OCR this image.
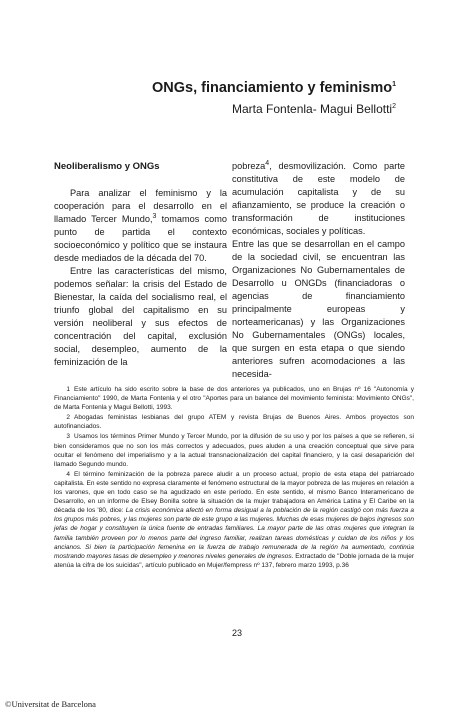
ONGs, financiamiento y feminismo$^1$
Marta Fontenla- Magui Bellotti$^2$

Neoliberalismo y ONGs

Para analizar el feminismo y la cooperación para el desarrollo en el llamado Tercer Mundo,$^3$ tomamos como punto de partida el contexto socioeconómico y político que se instaura desde mediados de la década del 70.

Entre las características del mismo, podemos señalar: la crisis del Estado de Bienestar, la caída del socialismo real, el triunfo global del capitalismo en su versión neoliberal y sus efectos de concentración del capital, exclusión social, desempleo, aumento de la feminización de la

pobreza$^4$, desmovilización. Como parte constitutiva de este modelo de acumulación capitalista y de su afianzamiento, se produce la creación o transformación de instituciones económicas, sociales y políticas.

Entre las que se desarrollan en el campo de la sociedad civil, se encuentran las Organizaciones No Gubernamentales de Desarrollo u ONGDs (financiadoras o agencias de financiamiento principalmente europeas y norteamericanas) y las Organizaciones No Gubernamentales (ONGs) locales, que surgen en esta etapa o que siendo anteriores sufren acomodaciones a las necesida-

1 Este artículo ha sido escrito sobre la base de dos anteriores ya publicados, uno en Brujas nº 16 "Autonomía y Financiamiento" 1990, de Marta Fontenla y el otro "Aportes para un balance del movimiento feminista: Movimiento ONGs", de Marta Fontenla y Magui Bellotti, 1993.

2 Abogadas feministas lesbianas del grupo ATEM y revista Brujas de Buenos Aires. Ambos proyectos son autofinanciados.

3 Usamos los términos Primer Mundo y Tercer Mundo, por la difusión de su uso y por los países a que se refieren, si bien consideramos que no son los más correctos y adecuados, pues aluden a una creación conceptual que sirve para ocultar el fenómeno del imperialismo y a la actual transnacionalización del capital financiero, y la casi desaparición del llamado Segundo mundo.

4 El término feminización de la pobreza parece aludir a un proceso actual, propio de esta etapa del patriarcado capitalista. En este sentido no expresa claramente el fenómeno estructural de la mayor pobreza de las mujeres en relación a los varones, que en todo caso se ha agudizado en este período. En este sentido, el mismo Banco Interamericano de Desarrollo, en un informe de Elsey Bonilla sobre la situación de la mujer trabajadora en América Latina y El Caribe en la década de los '80, dice: La crisis económica afectó en forma desigual a la población de la región castigó con más fuerza a los grupos más pobres, y las mujeres son parte de este grupo a las mujeres. Muchas de esas mujeres de bajos ingresos son jefas de hogar y constituyen la única fuente de entradas familiares. La mayor parte de las otras mujeres que integran la familia también proveen por lo menos parte del ingreso familiar, realizan tareas domésticas y cuidan de los niños y los ancianos. Si bien la participación femenina en la fuerza de trabajo remunerada de la región ha aumentado, continúa mostrando mayores tasas de desempleo y menores niveles generales de ingresos. Extractado de "Doble jornada de la mujer atenúa la cifra de los suicidas", artículo publicado en Mujer/fempress nº 137, febrero marzo 1993, p.36

23
©Universitat de Barcelona
